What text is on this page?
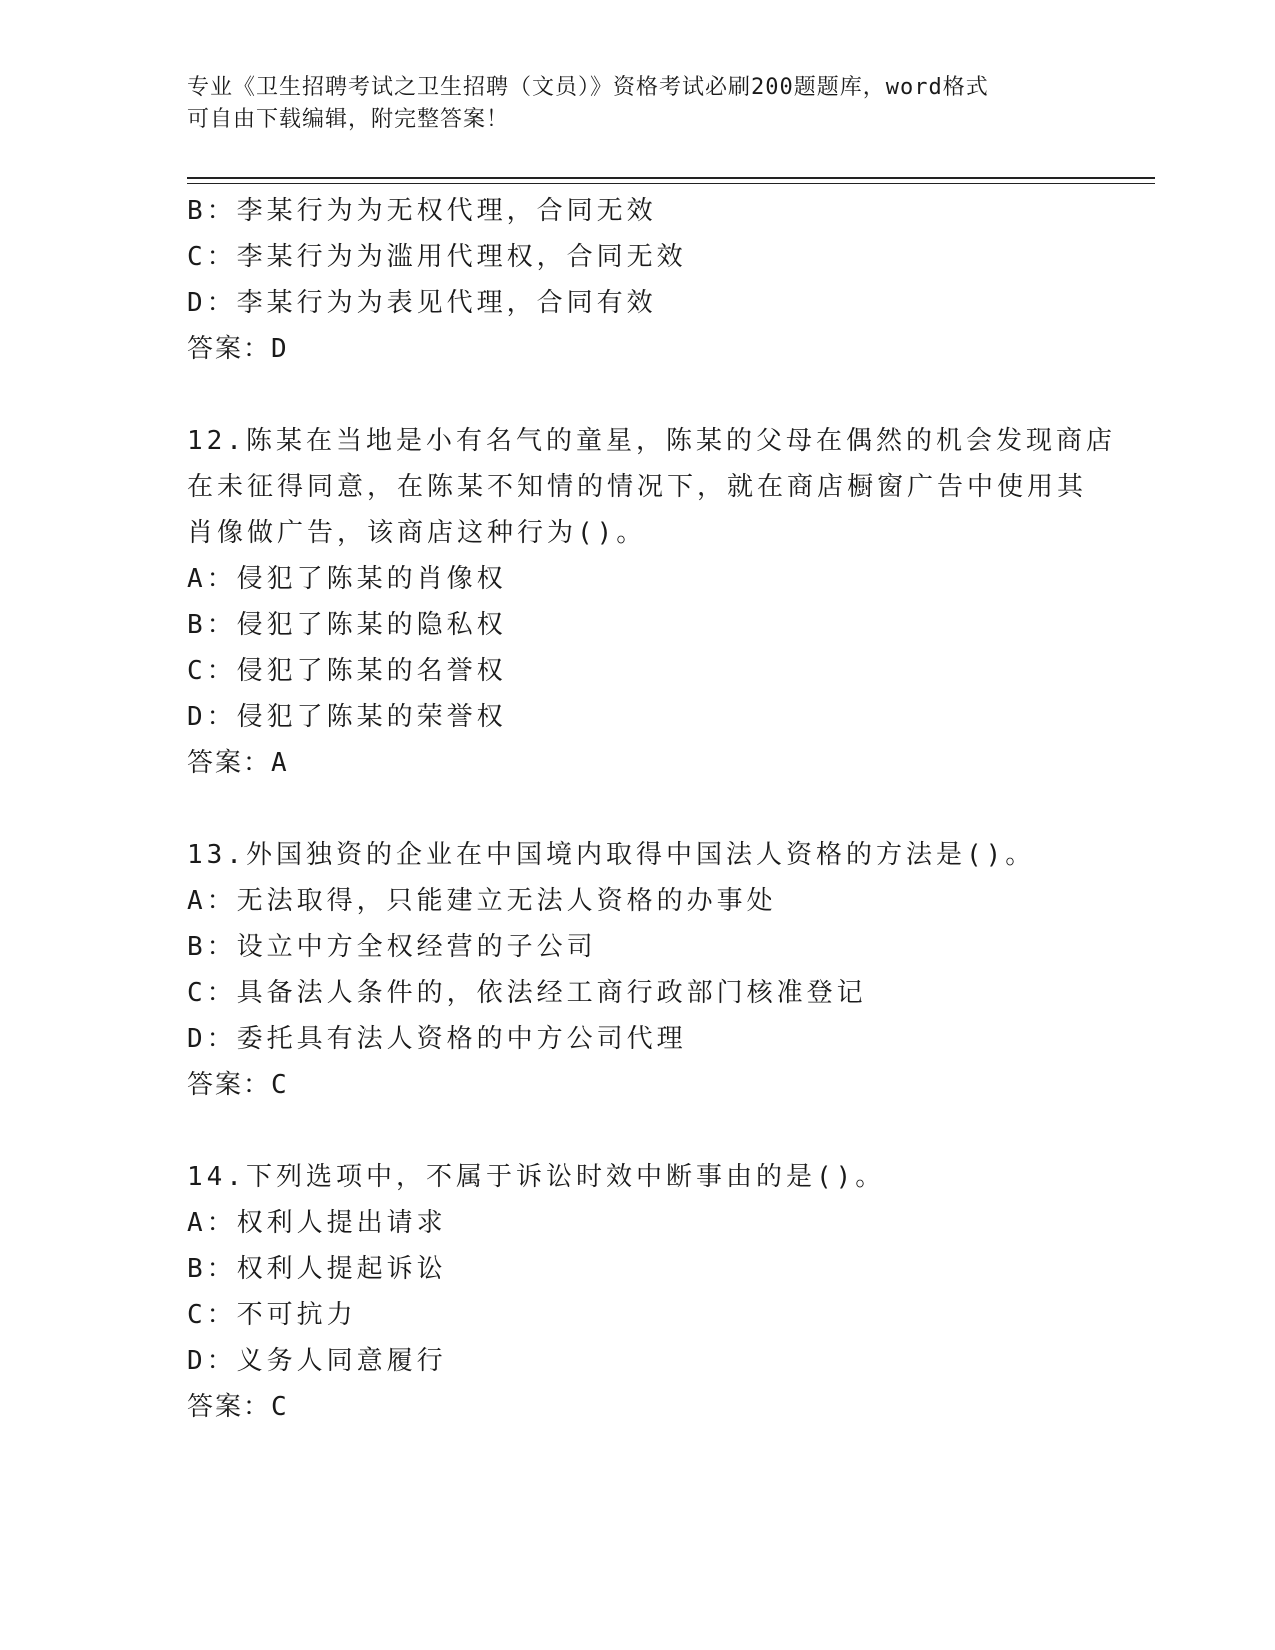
专业《卫生招聘考试之卫生招聘（文员）》资格考试必刷200题题库，word格式
可自由下载编辑，附完整答案！
B：李某行为为无权代理，合同无效
C：李某行为为滥用代理权，合同无效
D：李某行为为表见代理，合同有效
答案：D
12.陈某在当地是小有名气的童星，陈某的父母在偶然的机会发现商店
在未征得同意，在陈某不知情的情况下，就在商店橱窗广告中使用其
肖像做广告，该商店这种行为()。
A：侵犯了陈某的肖像权
B：侵犯了陈某的隐私权
C：侵犯了陈某的名誉权
D：侵犯了陈某的荣誉权
答案：A
13.外国独资的企业在中国境内取得中国法人资格的方法是()。
A：无法取得，只能建立无法人资格的办事处
B：设立中方全权经营的子公司
C：具备法人条件的，依法经工商行政部门核准登记
D：委托具有法人资格的中方公司代理
答案：C
14.下列选项中，不属于诉讼时效中断事由的是()。
A：权利人提出请求
B：权利人提起诉讼
C：不可抗力
D：义务人同意履行
答案：C
